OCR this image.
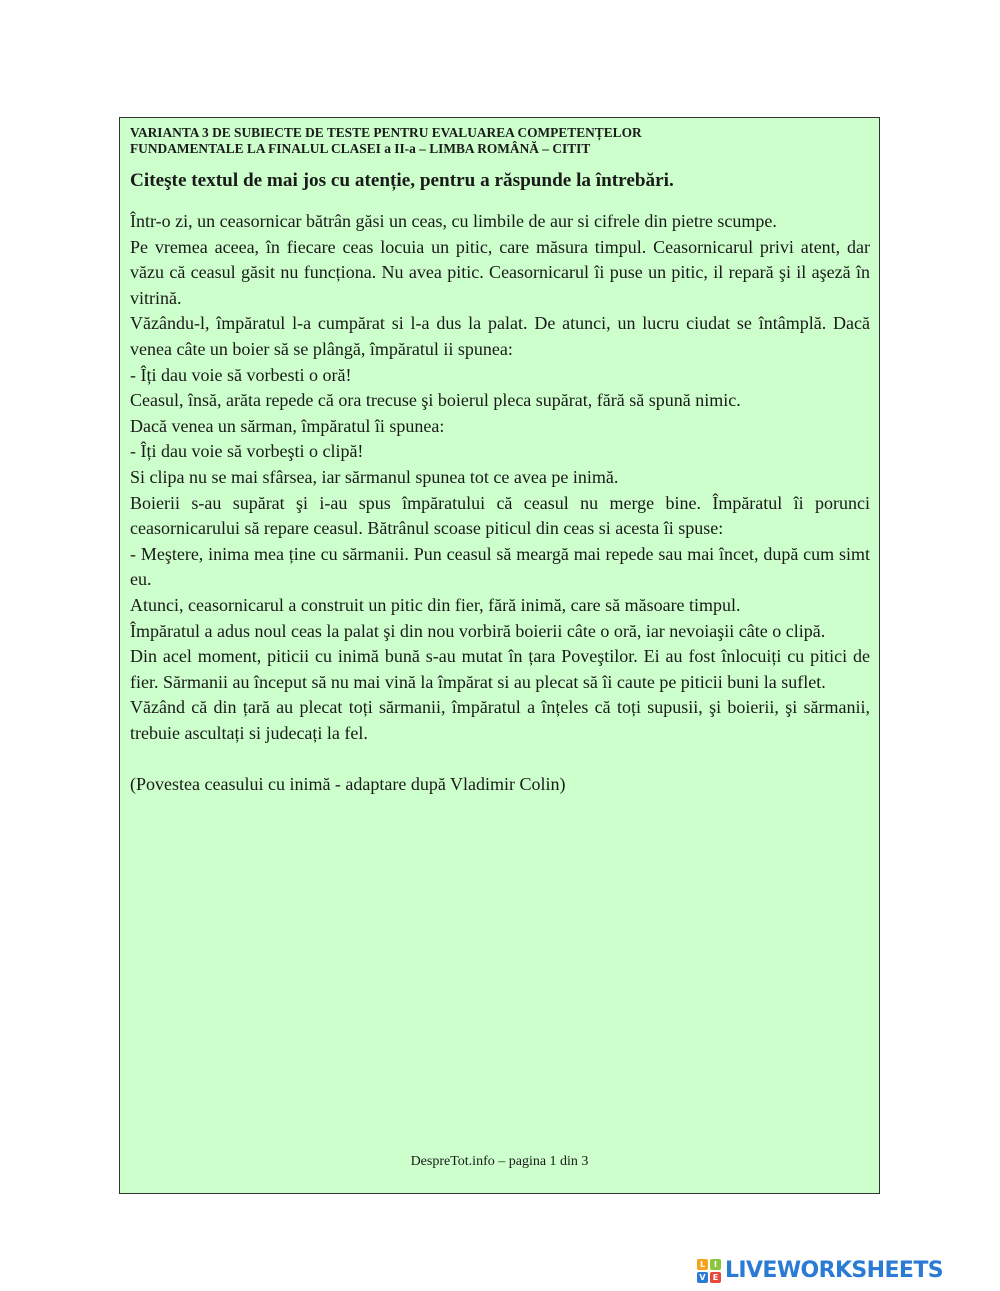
VARIANTA 3 DE SUBIECTE DE TESTE PENTRU EVALUAREA COMPETENȚELOR

FUNDAMENTALE LA FINALUL CLASEI a II-a – LIMBA ROMÂNĂ – CITIT

Citeşte textul de mai jos cu atenție, pentru a răspunde la întrebări.

Într-o zi, un ceasornicar bătrân găsi un ceas, cu limbile de aur si cifrele din pietre scumpe.

Pe vremea aceea, în fiecare ceas locuia un pitic, care măsura timpul. Ceasornicarul privi atent, dar văzu că ceasul găsit nu funcționa. Nu avea pitic. Ceasornicarul îi puse un pitic, il repară şi il aşeză în vitrină.

Văzându-l, împăratul l-a cumpărat si l-a dus la palat. De atunci, un lucru ciudat se întâmplă. Dacă venea câte un boier să se plângă, împăratul ii spunea:

- Îți dau voie să vorbesti o oră!

Ceasul, însă, arăta repede că ora trecuse şi boierul pleca supărat, fără să spună nimic.

Dacă venea un sărman, împăratul îi spunea:

- Îți dau voie să vorbeşti o clipă!

Si clipa nu se mai sfârsea, iar sărmanul spunea tot ce avea pe inimă.

Boierii s-au supărat şi i-au spus împăratului că ceasul nu merge bine. Împăratul îi porunci ceasornicarului să repare ceasul. Bătrânul scoase piticul din ceas si acesta îi spuse:

- Meştere, inima mea ține cu sărmanii. Pun ceasul să meargă mai repede sau mai încet, după cum simt eu.

Atunci, ceasornicarul a construit un pitic din fier, fără inimă, care să măsoare timpul.

Împăratul a adus noul ceas la palat şi din nou vorbiră boierii câte o oră, iar nevoiaşii câte o clipă.

Din acel moment, piticii cu inimă bună s-au mutat în țara Poveştilor. Ei au fost înlocuiți cu pitici de fier. Sărmanii au început să nu mai vină la împărat si au plecat să îi caute pe piticii buni la suflet.

Văzând că din țară au plecat toți sărmanii, împăratul a înțeles că toți supusii, şi boierii, şi sărmanii, trebuie ascultați si judecați la fel.

(Povestea ceasului cu inimă - adaptare după Vladimir Colin)

DespreTot.info – pagina 1 din 3
L	I
V E LIVEWORKSHEETS
